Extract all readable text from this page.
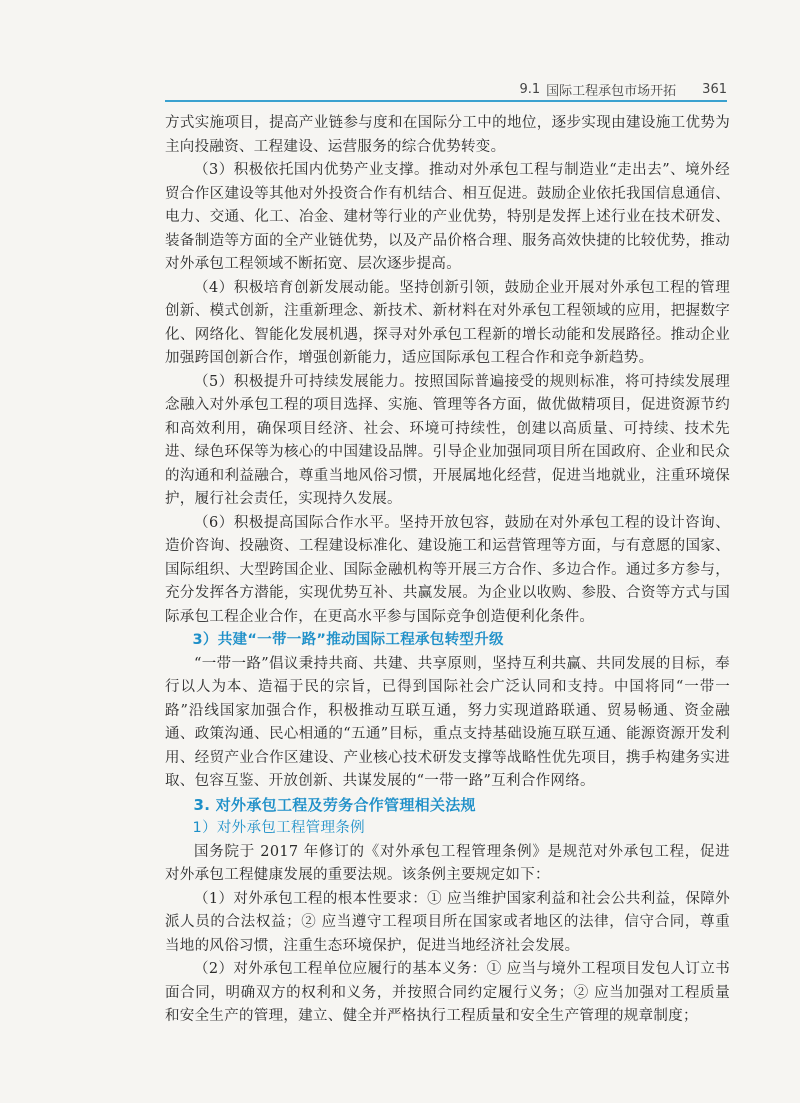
9.1 国际工程承包市场开拓 361

方式实施项目，提高产业链参与度和在国际分工中的地位，逐步实现由建设施工优势为主向投融资、工程建设、运营服务的综合优势转变。

（3）积极依托国内优势产业支撑。推动对外承包工程与制造业“走出去”、境外经贸合作区建设等其他对外投资合作有机结合、相互促进。鼓励企业依托我国信息通信、电力、交通、化工、冶金、建材等行业的产业优势，特别是发挥上述行业在技术研发、装备制造等方面的全产业链优势，以及产品价格合理、服务高效快捷的比较优势，推动对外承包工程领域不断拓宽、层次逐步提高。

（4）积极培育创新发展动能。坚持创新引领，鼓励企业开展对外承包工程的管理创新、模式创新，注重新理念、新技术、新材料在对外承包工程领域的应用，把握数字化、网络化、智能化发展机遇，探寻对外承包工程新的增长动能和发展路径。推动企业加强跨国创新合作，增强创新能力，适应国际承包工程合作和竞争新趋势。

（5）积极提升可持续发展能力。按照国际普遍接受的规则标准，将可持续发展理念融入对外承包工程的项目选择、实施、管理等各方面，做优做精项目，促进资源节约和高效利用，确保项目经济、社会、环境可持续性，创建以高质量、可持续、技术先进、绿色环保等为核心的中国建设品牌。引导企业加强同项目所在国政府、企业和民众的沟通和利益融合，尊重当地风俗习惯，开展属地化经营，促进当地就业，注重环境保护，履行社会责任，实现持久发展。

（6）积极提高国际合作水平。坚持开放包容，鼓励在对外承包工程的设计咨询、造价咨询、投融资、工程建设标准化、建设施工和运营管理等方面，与有意愿的国家、国际组织、大型跨国企业、国际金融机构等开展三方合作、多边合作。通过多方参与，充分发挥各方潜能，实现优势互补、共赢发展。为企业以收购、参股、合资等方式与国际承包工程企业合作，在更高水平参与国际竞争创造便利化条件。

3）共建“一带一路”推动国际工程承包转型升级

“一带一路”倡议秉持共商、共建、共享原则，坚持互利共赢、共同发展的目标，奉行以人为本、造福于民的宗旨，已得到国际社会广泛认同和支持。中国将同“一带一路”沿线国家加强合作，积极推动互联互通，努力实现道路联通、贸易畅通、资金融通、政策沟通、民心相通的“五通”目标，重点支持基础设施互联互通、能源资源开发利用、经贸产业合作区建设、产业核心技术研发支撑等战略性优先项目，携手构建务实进取、包容互鉴、开放创新、共谋发展的“一带一路”互利合作网络。

3. 对外承包工程及劳务合作管理相关法规

1）对外承包工程管理条例

国务院于 2017 年修订的《对外承包工程管理条例》是规范对外承包工程，促进对外承包工程健康发展的重要法规。该条例主要规定如下：

（1）对外承包工程的根本性要求：① 应当维护国家利益和社会公共利益，保障外派人员的合法权益；② 应当遵守工程项目所在国家或者地区的法律，信守合同，尊重当地的风俗习惯，注重生态环境保护，促进当地经济社会发展。

（2）对外承包工程单位应履行的基本义务：① 应当与境外工程项目发包人订立书面合同，明确双方的权利和义务，并按照合同约定履行义务；② 应当加强对工程质量和安全生产的管理，建立、健全并严格执行工程质量和安全生产管理的规章制度；
